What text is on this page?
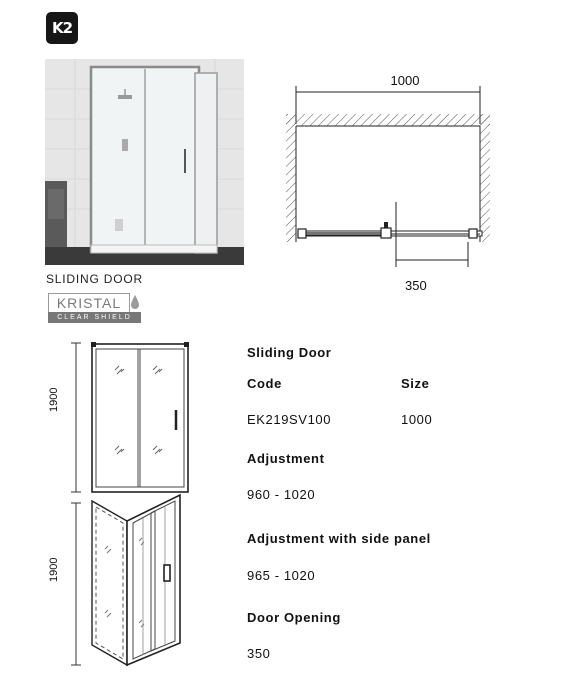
K2
SLIDING DOOR
KRISTAL
CLEAR SHIELD
1000
350
1900
1900
Sliding Door
Code	Size
EK219SV100	1000
Adjustment
960 - 1020
Adjustment with side panel
965 - 1020
Door Opening
350
